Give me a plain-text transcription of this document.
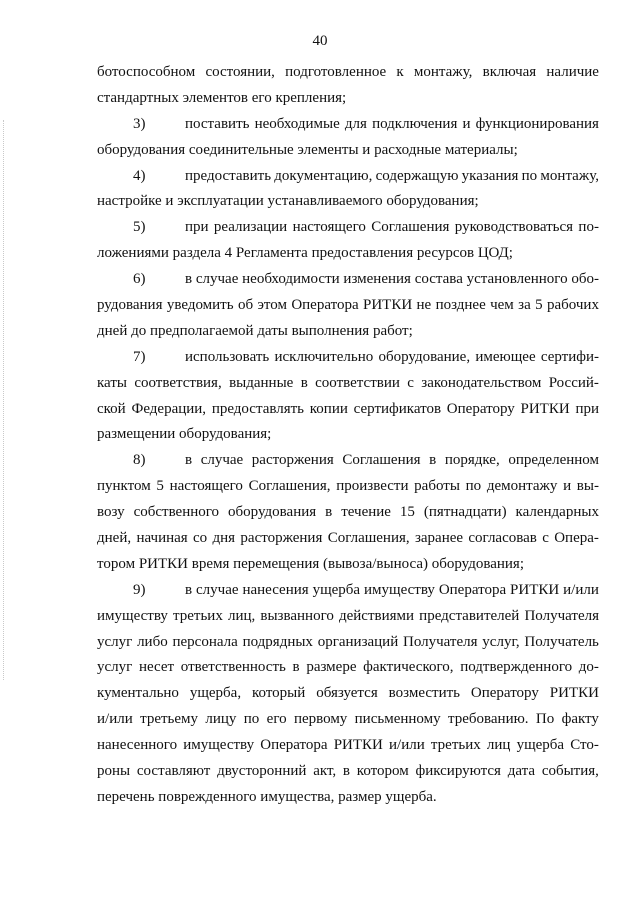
40
ботоспособном состоянии, подготовленное к монтажу, включая наличие
стандартных элементов его крепления;
3)	поставить необходимые для подключения и функционирования
оборудования соединительные элементы и расходные материалы;
4)	предоставить документацию, содержащую указания по монтажу,
настройке и эксплуатации устанавливаемого оборудования;
5)	при реализации настоящего Соглашения руководствоваться по-
ложениями раздела 4 Регламента предоставления ресурсов ЦОД;
6)	в случае необходимости изменения состава установленного обо-
рудования уведомить об этом Оператора РИТКИ не позднее чем за 5 рабочих
дней до предполагаемой даты выполнения работ;
7)	использовать исключительно оборудование, имеющее сертифи-
каты соответствия, выданные в соответствии с законодательством Россий-
ской Федерации, предоставлять копии сертификатов Оператору РИТКИ при
размещении оборудования;
8)	в случае расторжения Соглашения в порядке, определенном
пунктом 5 настоящего Соглашения, произвести работы по демонтажу и вы-
возу собственного оборудования в течение 15 (пятнадцати) календарных
дней, начиная со дня расторжения Соглашения, заранее согласовав с Опера-
тором РИТКИ время перемещения (вывоза/выноса) оборудования;
9)	в случае нанесения ущерба имуществу Оператора РИТКИ и/или
имуществу третьих лиц, вызванного действиями представителей Получателя
услуг либо персонала подрядных организаций Получателя услуг, Получатель
услуг несет ответственность в размере фактического, подтвержденного до-
кументально ущерба, который обязуется возместить Оператору РИТКИ
и/или третьему лицу по его первому письменному требованию. По факту
нанесенного имуществу Оператора РИТКИ и/или третьих лиц ущерба Сто-
роны составляют двусторонний акт, в котором фиксируются дата события,
перечень поврежденного имущества, размер ущерба.
